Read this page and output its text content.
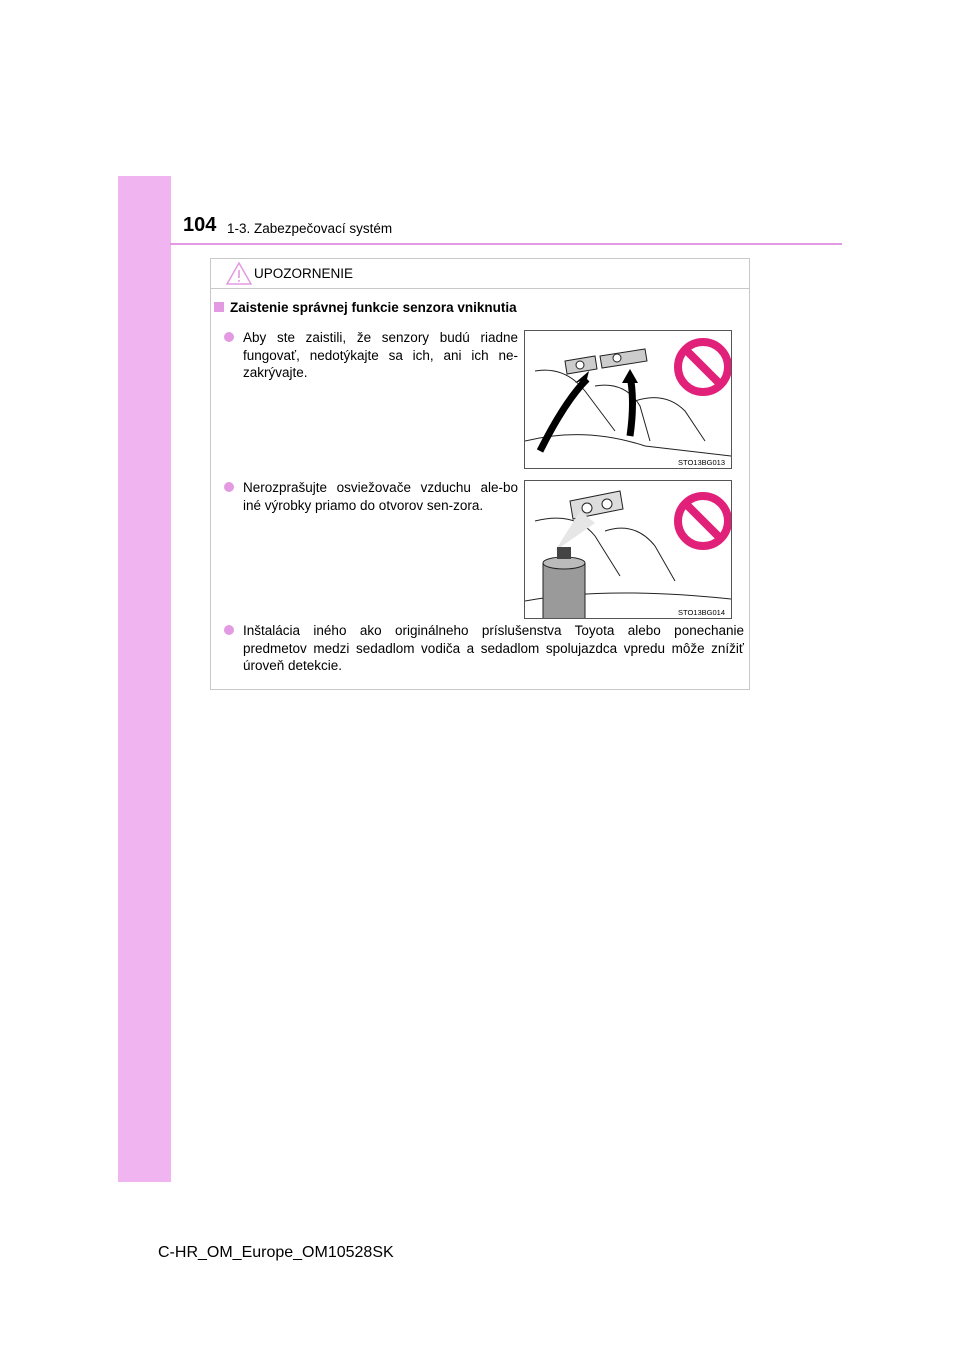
104 1-3. Zabezpečovací systém
UPOZORNENIE
Zaistenie správnej funkcie senzora vniknutia
Aby ste zaistili, že senzory budú riadne fungovať, nedotýkajte sa ich, ani ich ne-zakrývajte.
STO13BG013
Nerozprašujte osviežovače vzduchu ale-bo iné výrobky priamo do otvorov sen-zora.
STO13BG014
Inštalácia iného ako originálneho príslušenstva Toyota alebo ponechanie predmetov medzi sedadlom vodiča a sedadlom spolujazdca vpredu môže znížiť úroveň detekcie.
C-HR_OM_Europe_OM10528SK
